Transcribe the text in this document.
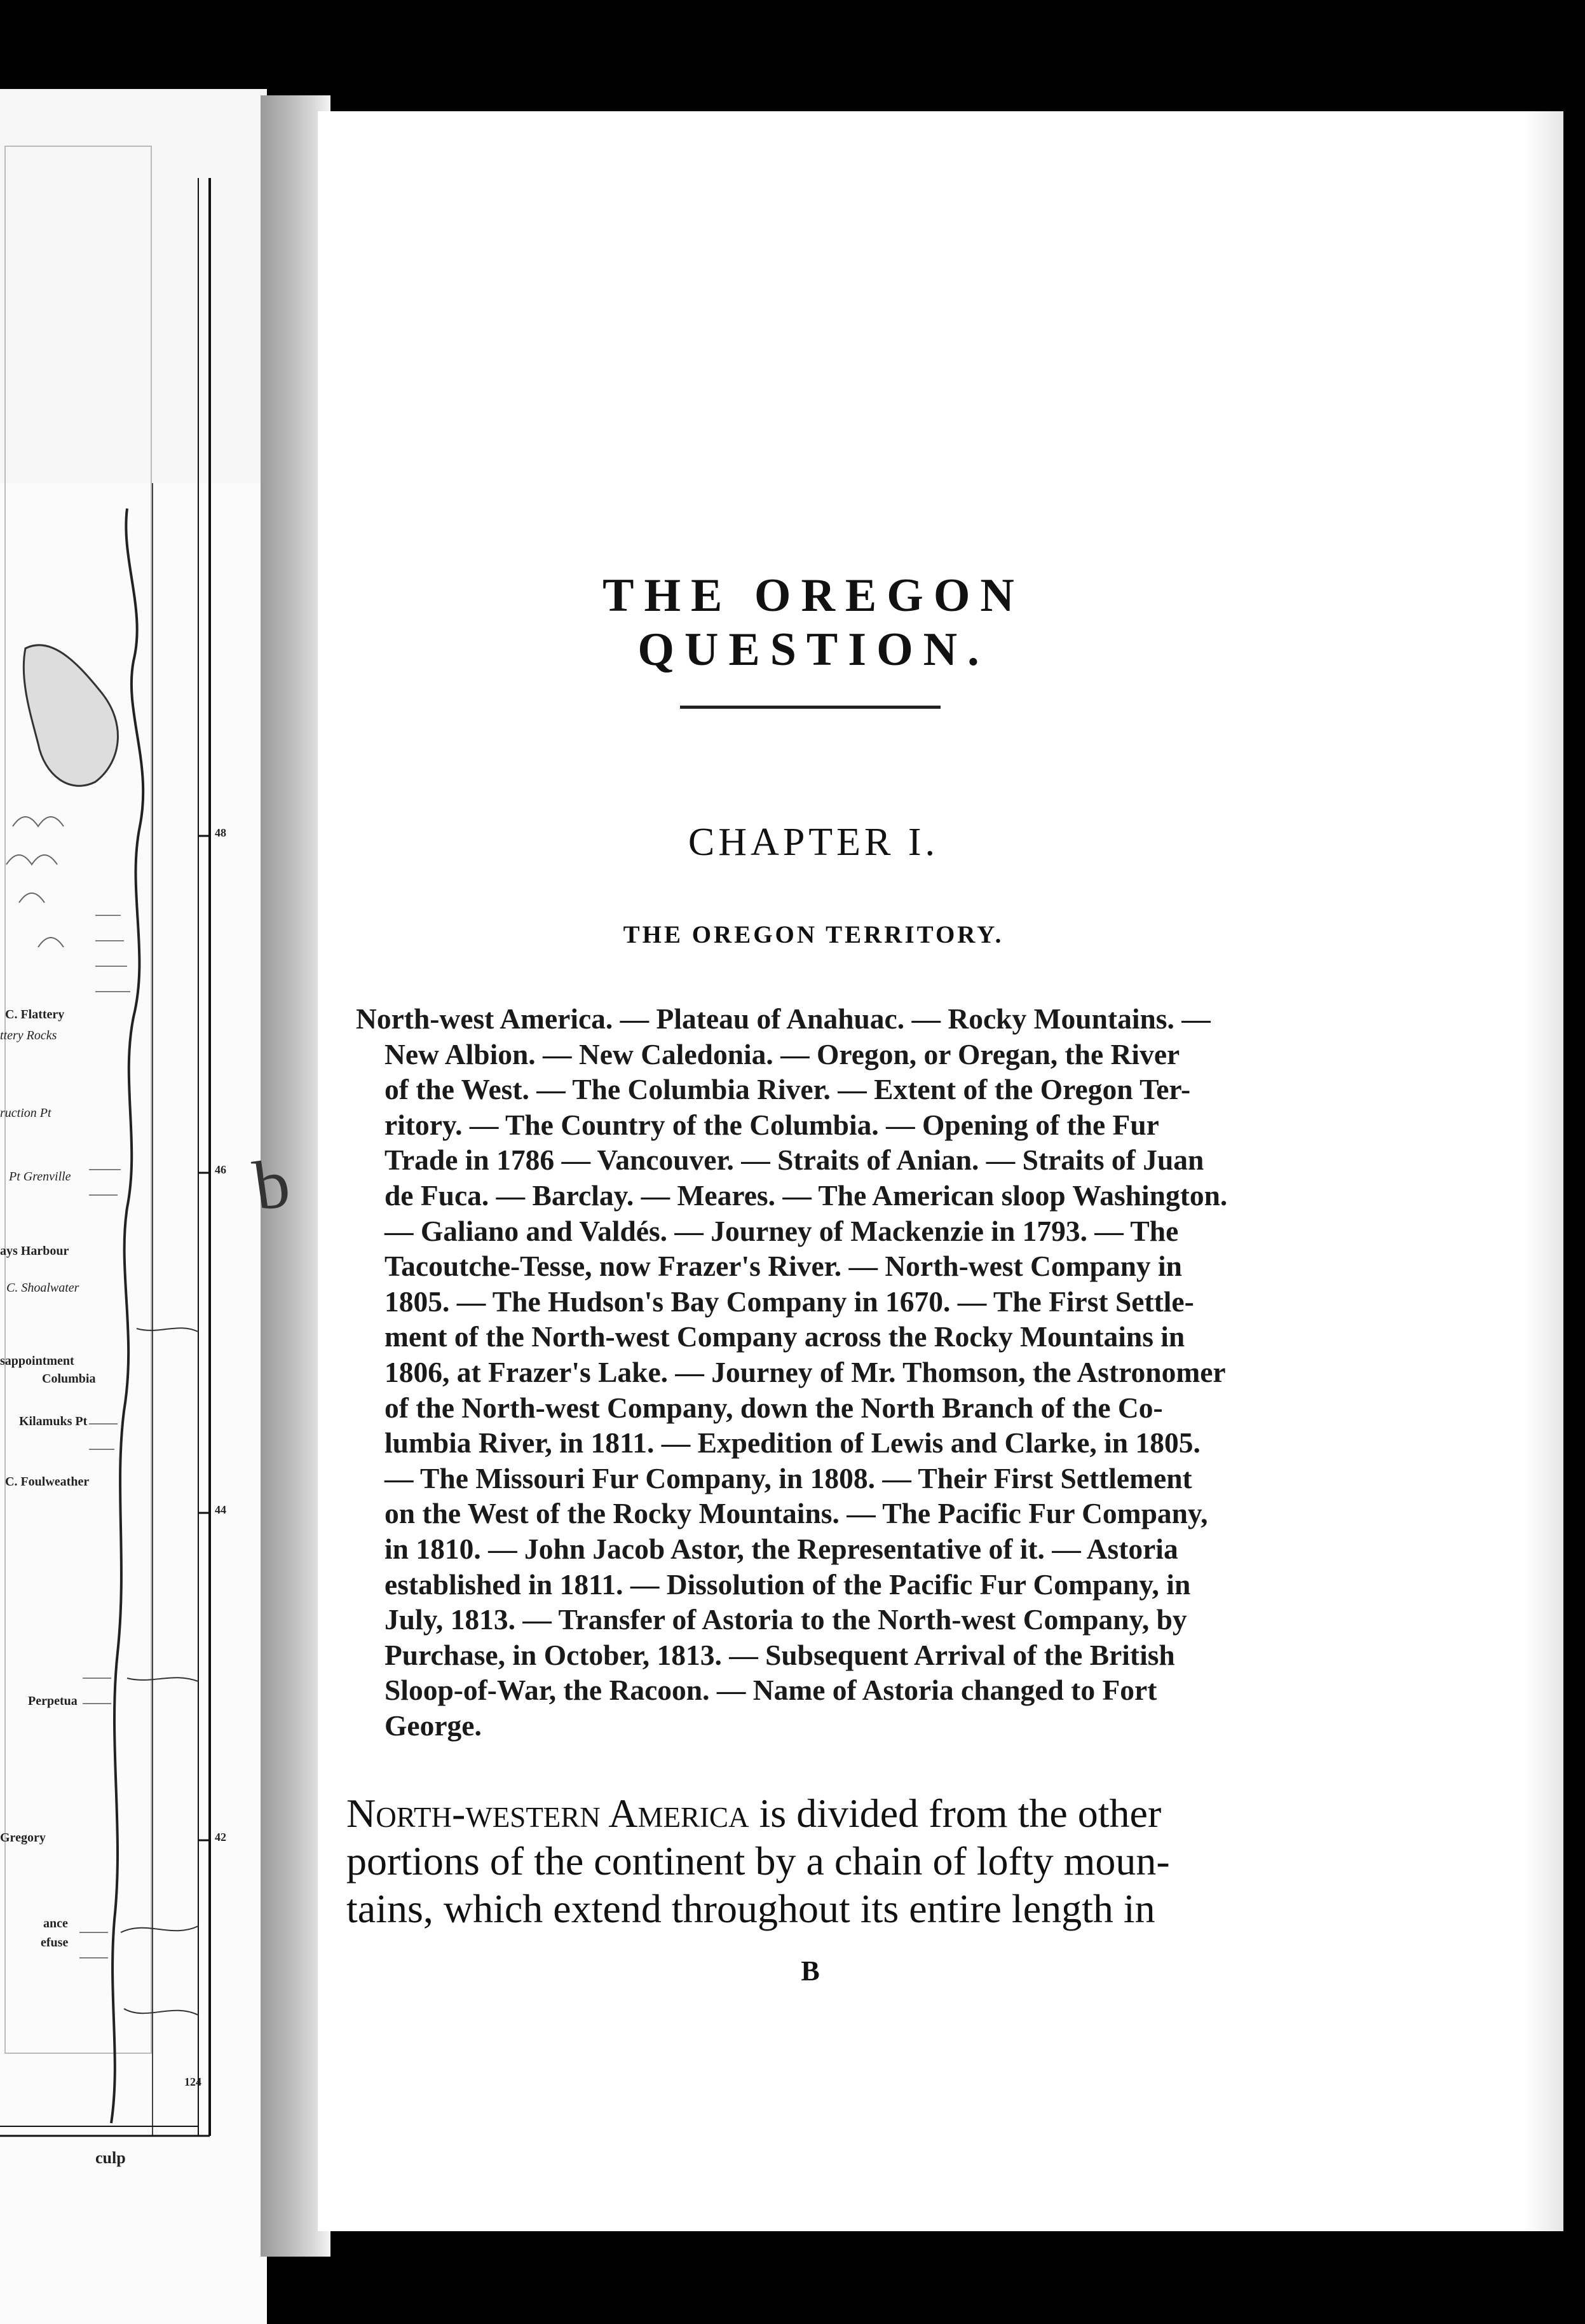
C. Flattery
ttery Rocks
ruction Pt
Pt Grenville
ays Harbour
C. Shoalwater
sappointment
Columbia
Kilamuks Pt
C. Foulweather
Perpetua
Gregory
ance
efuse
48
46
44
42
124
culp
b
THE OREGON QUESTION.
CHAPTER I.
THE OREGON TERRITORY.
North-west America. — Plateau of Anahuac. — Rocky Mountains. —
New Albion. — New Caledonia. — Oregon, or Oregan, the River
of the West. — The Columbia River. — Extent of the Oregon Ter-
ritory. — The Country of the Columbia. — Opening of the Fur
Trade in 1786 — Vancouver. — Straits of Anian. — Straits of Juan
de Fuca. — Barclay. — Meares. — The American sloop Washington.
— Galiano and Valdés. — Journey of Mackenzie in 1793. — The
Tacoutche-Tesse, now Frazer's River. — North-west Company in
1805. — The Hudson's Bay Company in 1670. — The First Settle-
ment of the North-west Company across the Rocky Mountains in
1806, at Frazer's Lake. — Journey of Mr. Thomson, the Astronomer
of the North-west Company, down the North Branch of the Co-
lumbia River, in 1811. — Expedition of Lewis and Clarke, in 1805.
— The Missouri Fur Company, in 1808. — Their First Settlement
on the West of the Rocky Mountains. — The Pacific Fur Company,
in 1810. — John Jacob Astor, the Representative of it. — Astoria
established in 1811. — Dissolution of the Pacific Fur Company, in
July, 1813. — Transfer of Astoria to the North-west Company, by
Purchase, in October, 1813. — Subsequent Arrival of the British
Sloop-of-War, the Racoon. — Name of Astoria changed to Fort
George.
North-western America is divided from the other
portions of the continent by a chain of lofty moun-
tains, which extend throughout its entire length in
B
